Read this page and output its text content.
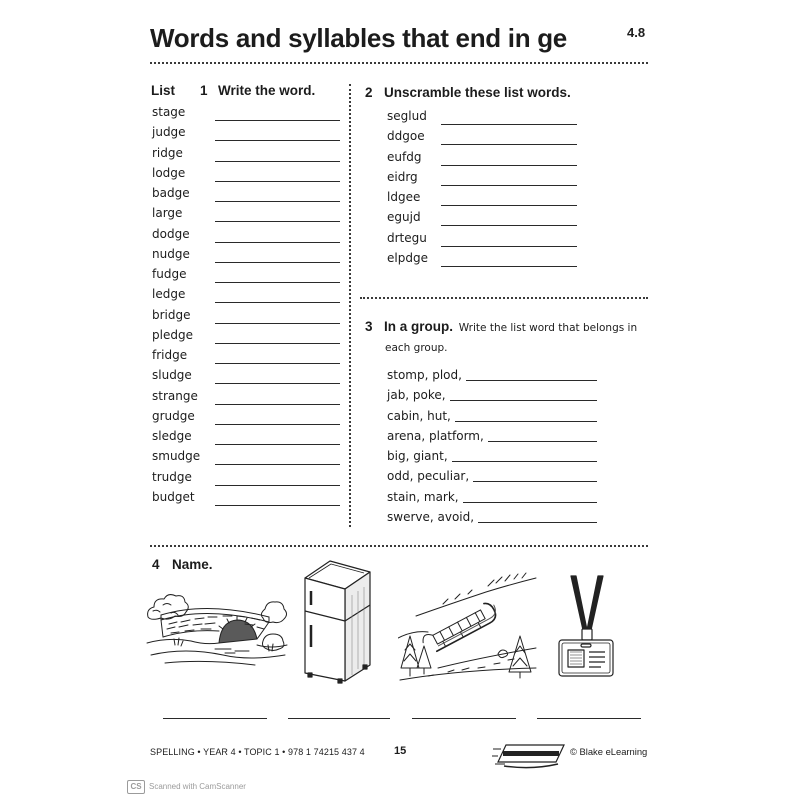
Words and syllables that end in ge	4.8
List 1 Write the word.
stage
judge
ridge
lodge
badge
large
dodge
nudge
fudge
ledge
bridge
pledge
fridge
sludge
strange
grudge
sledge
smudge
trudge
budget
2 Unscramble these list words.
seglud
ddgoe
eufdg
eidrg
ldgee
egujd
drtegu
elpdge
3 In a group. Write the list word that belongs in
each group.
stomp, plod,
jab, poke,
cabin, hut,
arena, platform,
big, giant,
odd, peculiar,
stain, mark,
swerve, avoid,
4 Name.
SPELLING • YEAR 4 • TOPIC 1 • 978 1 74215 437 4	15	© Blake eLearning
CS Scanned with CamScanner
